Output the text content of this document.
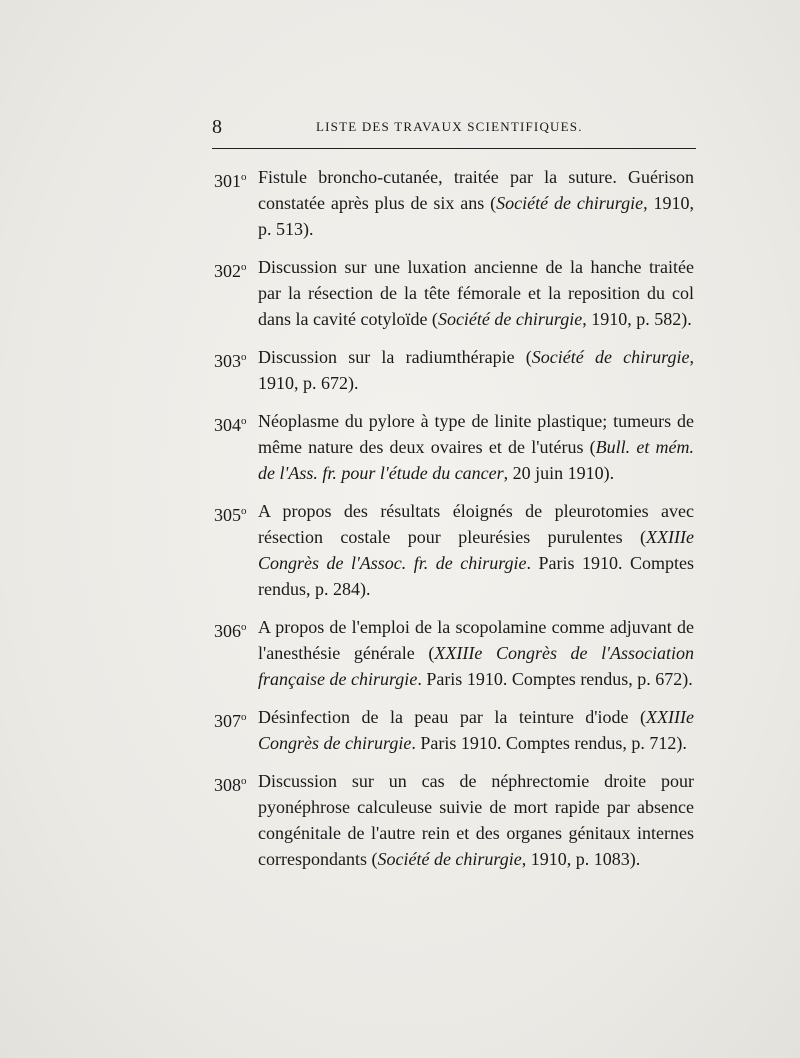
8	LISTE DES TRAVAUX SCIENTIFIQUES.
301$^o$ Fistule broncho-cutanée, traitée par la suture. Guérison constatée après plus de six ans (Société de chirurgie, 1910, p. 513).
302$^o$ Discussion sur une luxation ancienne de la hanche traitée par la résection de la tête fémorale et la reposition du col dans la cavité cotyloïde (Société de chirurgie, 1910, p. 582).
303$^o$ Discussion sur la radiumthérapie (Société de chirurgie, 1910, p. 672).
304$^o$ Néoplasme du pylore à type de linite plastique; tumeurs de même nature des deux ovaires et de l'utérus (Bull. et mém. de l'Ass. fr. pour l'étude du cancer, 20 juin 1910).
305$^o$ A propos des résultats éloignés de pleurotomies avec résection costale pour pleurésies purulentes (XXIIIe Congrès de l'Assoc. fr. de chirurgie. Paris 1910. Comptes rendus, p. 284).
306$^o$ A propos de l'emploi de la scopolamine comme adjuvant de l'anesthésie générale (XXIIIe Congrès de l'Association française de chirurgie. Paris 1910. Comptes rendus, p. 672).
307$^o$ Désinfection de la peau par la teinture d'iode (XXIIIe Congrès de chirurgie. Paris 1910. Comptes rendus, p. 712).
308$^o$ Discussion sur un cas de néphrectomie droite pour pyonéphrose calculeuse suivie de mort rapide par absence congénitale de l'autre rein et des organes génitaux internes correspondants (Société de chirurgie, 1910, p. 1083).
